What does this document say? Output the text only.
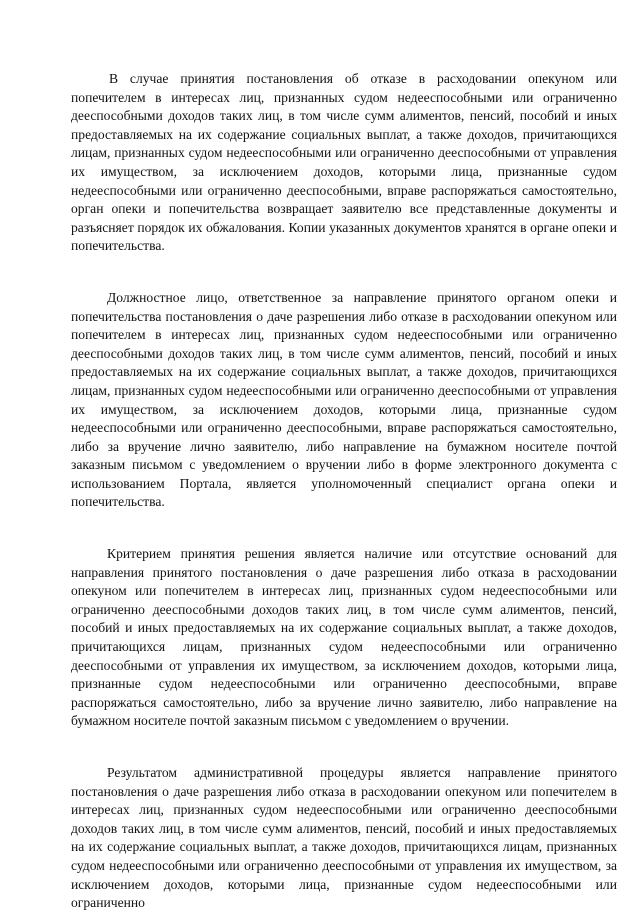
В случае принятия постановления об отказе в расходовании опекуном или попечителем в интересах лиц, признанных судом недееспособными или ограниченно дееспособными доходов таких лиц, в том числе сумм алиментов, пенсий, пособий и иных предоставляемых на их содержание социальных выплат, а также доходов, причитающихся лицам, признанных судом недееспособными или ограниченно дееспособными от управления их имуществом, за исключением доходов, которыми лица, признанные судом недееспособными или ограниченно дееспособными, вправе распоряжаться самостоятельно, орган опеки и попечительства возвращает заявителю все представленные документы и разъясняет порядок их обжалования. Копии указанных документов хранятся в органе опеки и попечительства.

Должностное лицо, ответственное за направление принятого органом опеки и попечительства постановления о даче разрешения либо отказе в расходовании опекуном или попечителем в интересах лиц, признанных судом недееспособными или ограниченно дееспособными доходов таких лиц, в том числе сумм алиментов, пенсий, пособий и иных предоставляемых на их содержание социальных выплат, а также доходов, причитающихся лицам, признанных судом недееспособными или ограниченно дееспособными от управления их имуществом, за исключением доходов, которыми лица, признанные судом недееспособными или ограниченно дееспособными, вправе распоряжаться самостоятельно, либо за вручение лично заявителю, либо направление на бумажном носителе почтой заказным письмом с уведомлением о вручении либо в форме электронного документа с использованием Портала, является уполномоченный специалист органа опеки и попечительства.

Критерием принятия решения является наличие или отсутствие оснований для направления принятого постановления о даче разрешения либо отказа в расходовании опекуном или попечителем в интересах лиц, признанных судом недееспособными или ограниченно дееспособными доходов таких лиц, в том числе сумм алиментов, пенсий, пособий и иных предоставляемых на их содержание социальных выплат, а также доходов, причитающихся лицам, признанных судом недееспособными или ограниченно дееспособными от управления их имуществом, за исключением доходов, которыми лица, признанные судом недееспособными или ограниченно дееспособными, вправе распоряжаться самостоятельно, либо за вручение лично заявителю, либо направление на бумажном носителе почтой заказным письмом с уведомлением о вручении.

Результатом административной процедуры является направление принятого постановления о даче разрешения либо отказа в расходовании опекуном или попечителем в интересах лиц, признанных судом недееспособными или ограниченно дееспособными доходов таких лиц, в том числе сумм алиментов, пенсий, пособий и иных предоставляемых на их содержание социальных выплат, а также доходов, причитающихся лицам, признанных судом недееспособными или ограниченно дееспособными от управления их имуществом, за исключением доходов, которыми лица, признанные судом недееспособными или ограниченно
